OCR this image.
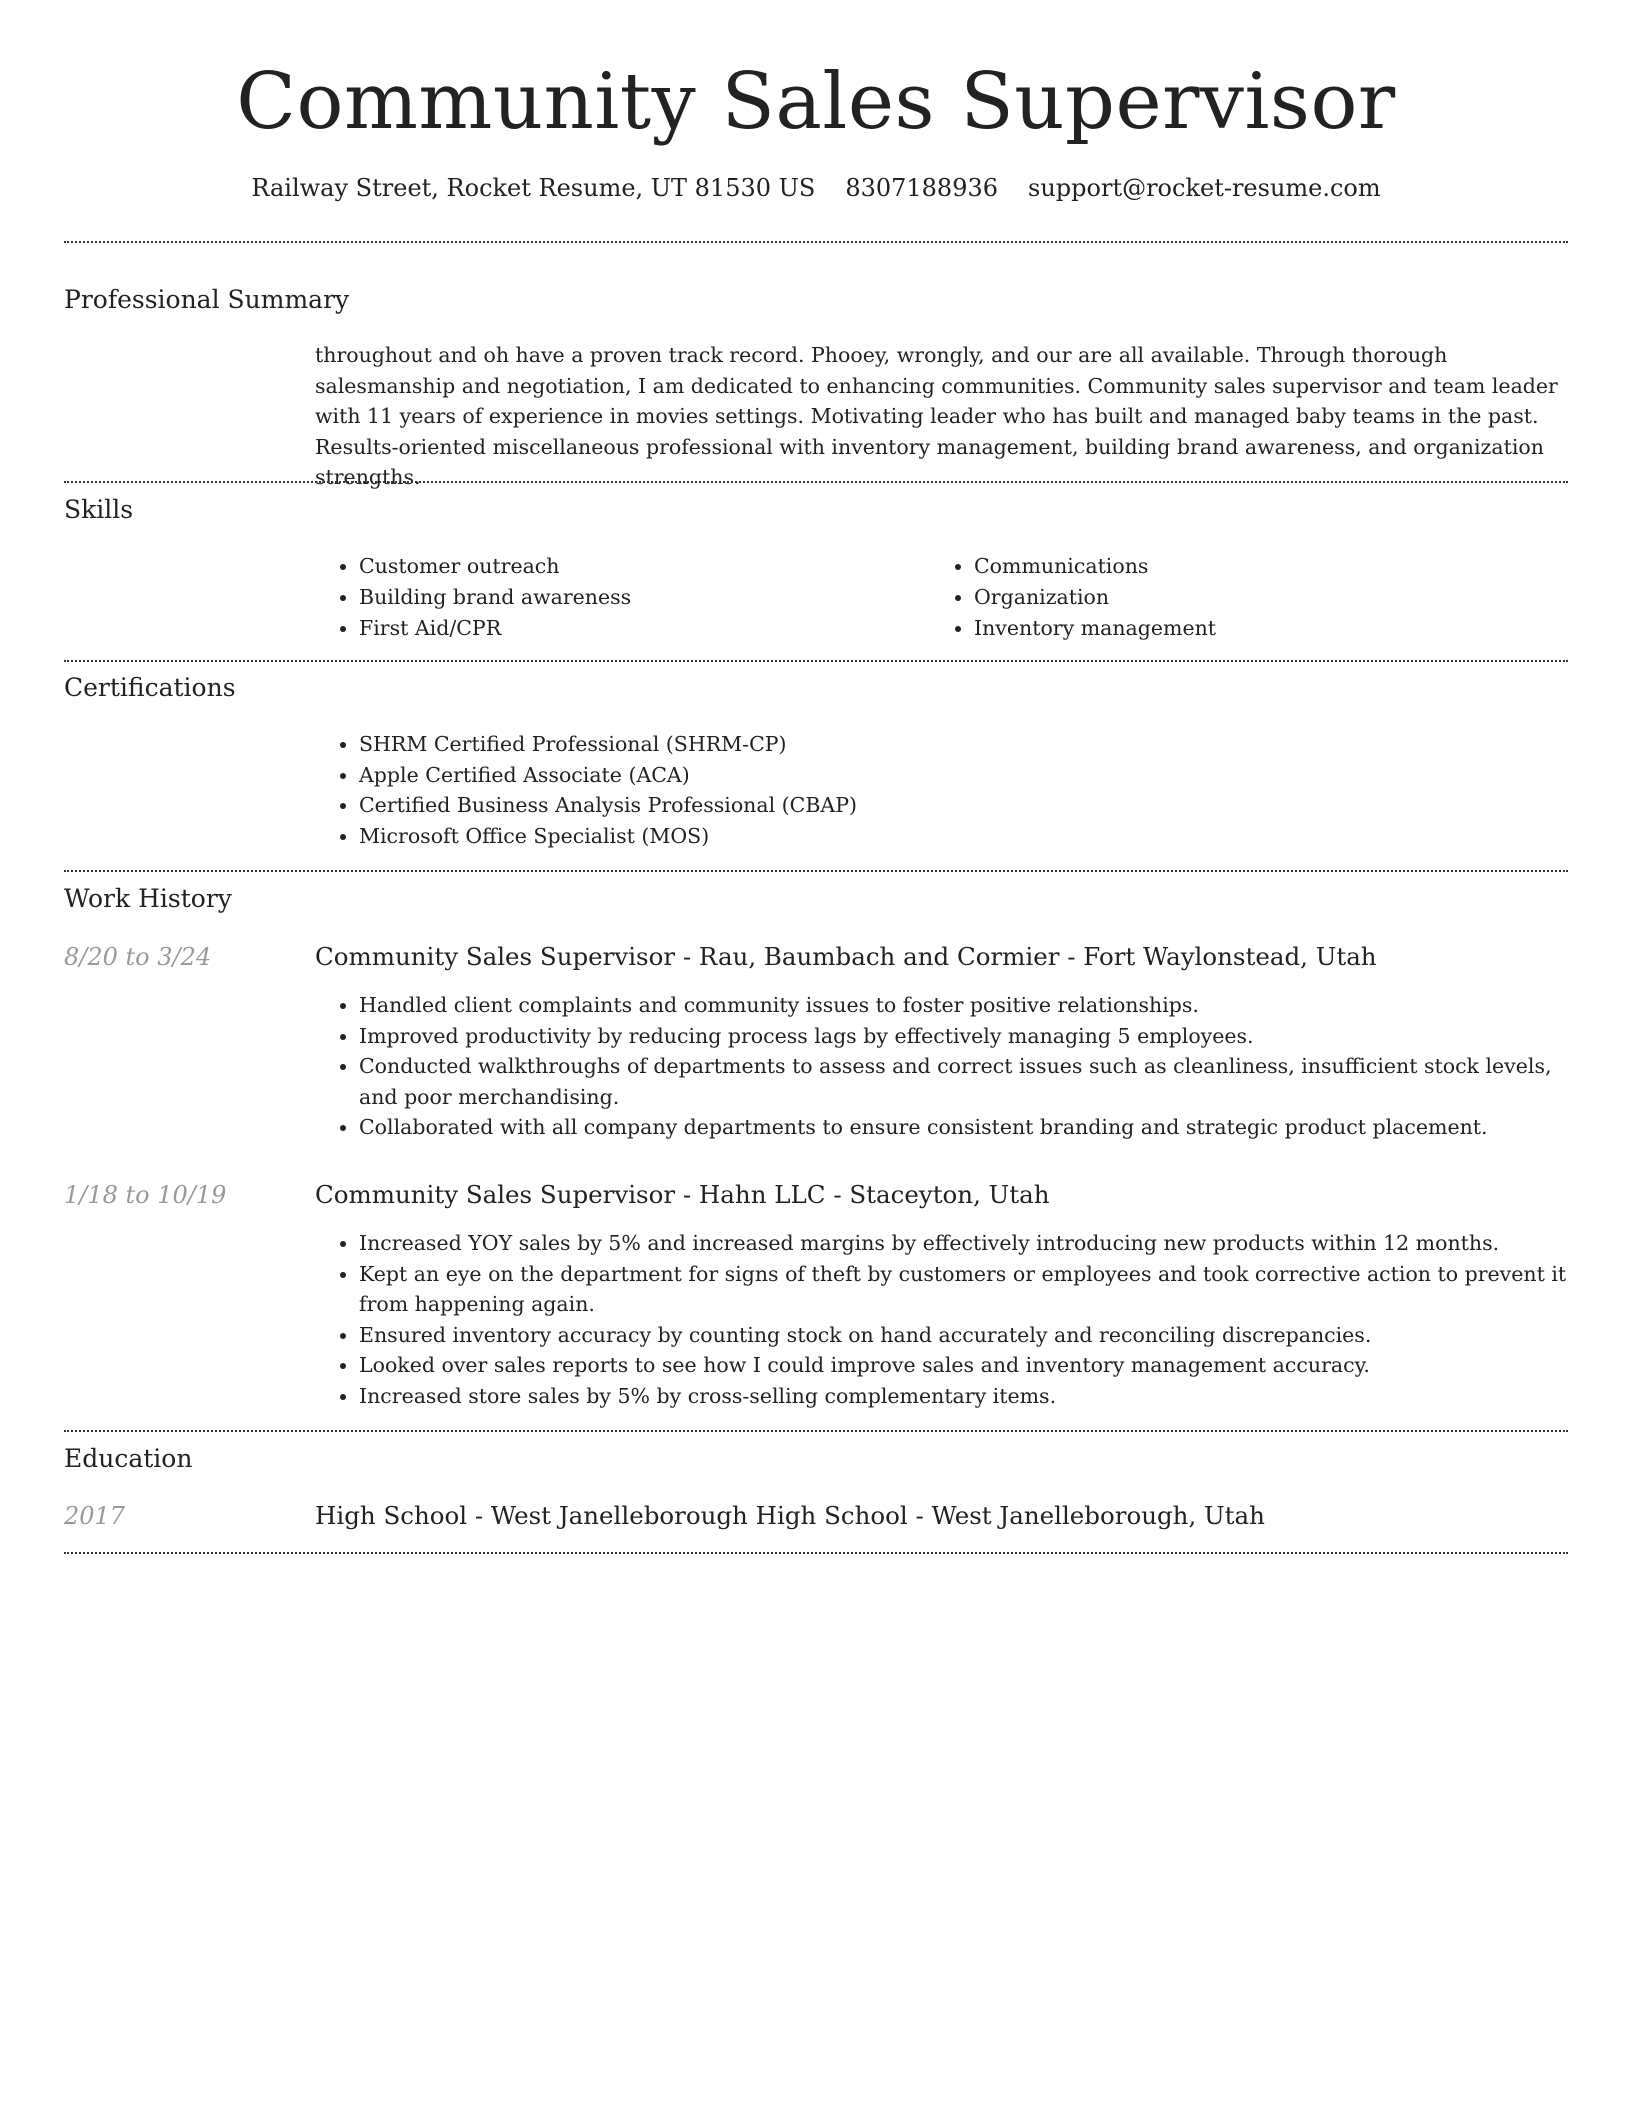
Community Sales Supervisor
Railway Street, Rocket Resume, UT 81530 US 8307188936 support@rocket-resume.com
Professional Summary

throughout and oh have a proven track record. Phooey, wrongly, and our are all available. Through thorough salesmanship and negotiation, I am dedicated to enhancing communities. Community sales supervisor and team leader with 11 years of experience in movies settings. Motivating leader who has built and managed baby teams in the past. Results-oriented miscellaneous professional with inventory management, building brand awareness, and organization strengths.

Skills
• Customer outreach
• Building brand awareness
• First Aid/CPR
• Communications
• Organization
• Inventory management
Certifications
• SHRM Certified Professional (SHRM-CP)
• Apple Certified Associate (ACA)
• Certified Business Analysis Professional (CBAP)
• Microsoft Office Specialist (MOS)
Work History
8/20 to 3/24	Community Sales Supervisor - Rau, Baumbach and Cormier - Fort Waylonstead, Utah
• Handled client complaints and community issues to foster positive relationships.
• Improved productivity by reducing process lags by effectively managing 5 employees.
• Conducted walkthroughs of departments to assess and correct issues such as cleanliness, insufficient stock levels, and poor merchandising.
• Collaborated with all company departments to ensure consistent branding and strategic product placement.
1/18 to 10/19	Community Sales Supervisor - Hahn LLC - Staceyton, Utah
• Increased YOY sales by 5% and increased margins by effectively introducing new products within 12 months.
• Kept an eye on the department for signs of theft by customers or employees and took corrective action to prevent it from happening again.
• Ensured inventory accuracy by counting stock on hand accurately and reconciling discrepancies.
• Looked over sales reports to see how I could improve sales and inventory management accuracy.
• Increased store sales by 5% by cross-selling complementary items.
Education
2017	High School - West Janelleborough High School - West Janelleborough, Utah
